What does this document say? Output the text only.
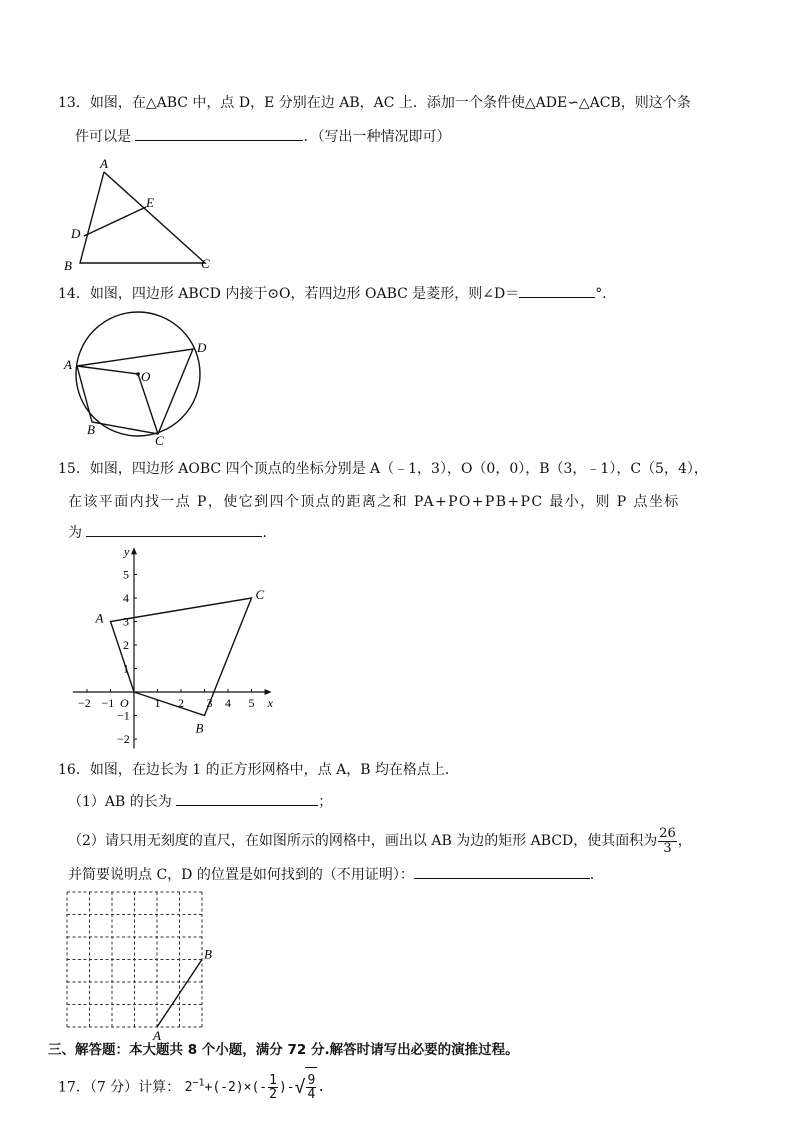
13．如图，在△ABC 中，点 D，E 分别在边 AB，AC 上．添加一个条件使△ADE∽△ACB，则这个条
件可以是	．（写出一种情况即可）
A
B	C
D
E
14．如图，四边形 ABCD 内接于⊙O，若四边形 OABC 是菱形，则∠D＝	°．
A
B
C
D
O
15．如图，四边形 AOBC 四个顶点的坐标分别是 A（﹣1，3），O（0，0），B（3，﹣1），C（5，4），
在该平面内找一点 P，使它到四个顶点的距离之和 PA+PO+PB+PC 最小，则 P 点坐标
为	．
−2 −1 O 1 2 3 4 5
1
2
3
4
5
−1
−2
x
y
A
B
C
16．如图，在边长为 1 的正方形网格中，点 A，B 均在格点上．
（1）AB 的长为	；
（2）请只用无刻度的直尺，在如图所示的网格中，画出以 AB 为边的矩形 ABCD，使其面积为 $\frac{26}{3}$ ，
并简要说明点 C，D 的位置是如何找到的（不用证明）：	．
A
B
三、解答题：本大题共 8 个小题，满分 72 分.解答时请写出必要的演推过程。
17．（7 分）计算： $2^{-1}+(-2)\times(- \frac{1}{2}$ )- √ $\frac{9}{4}$ .
